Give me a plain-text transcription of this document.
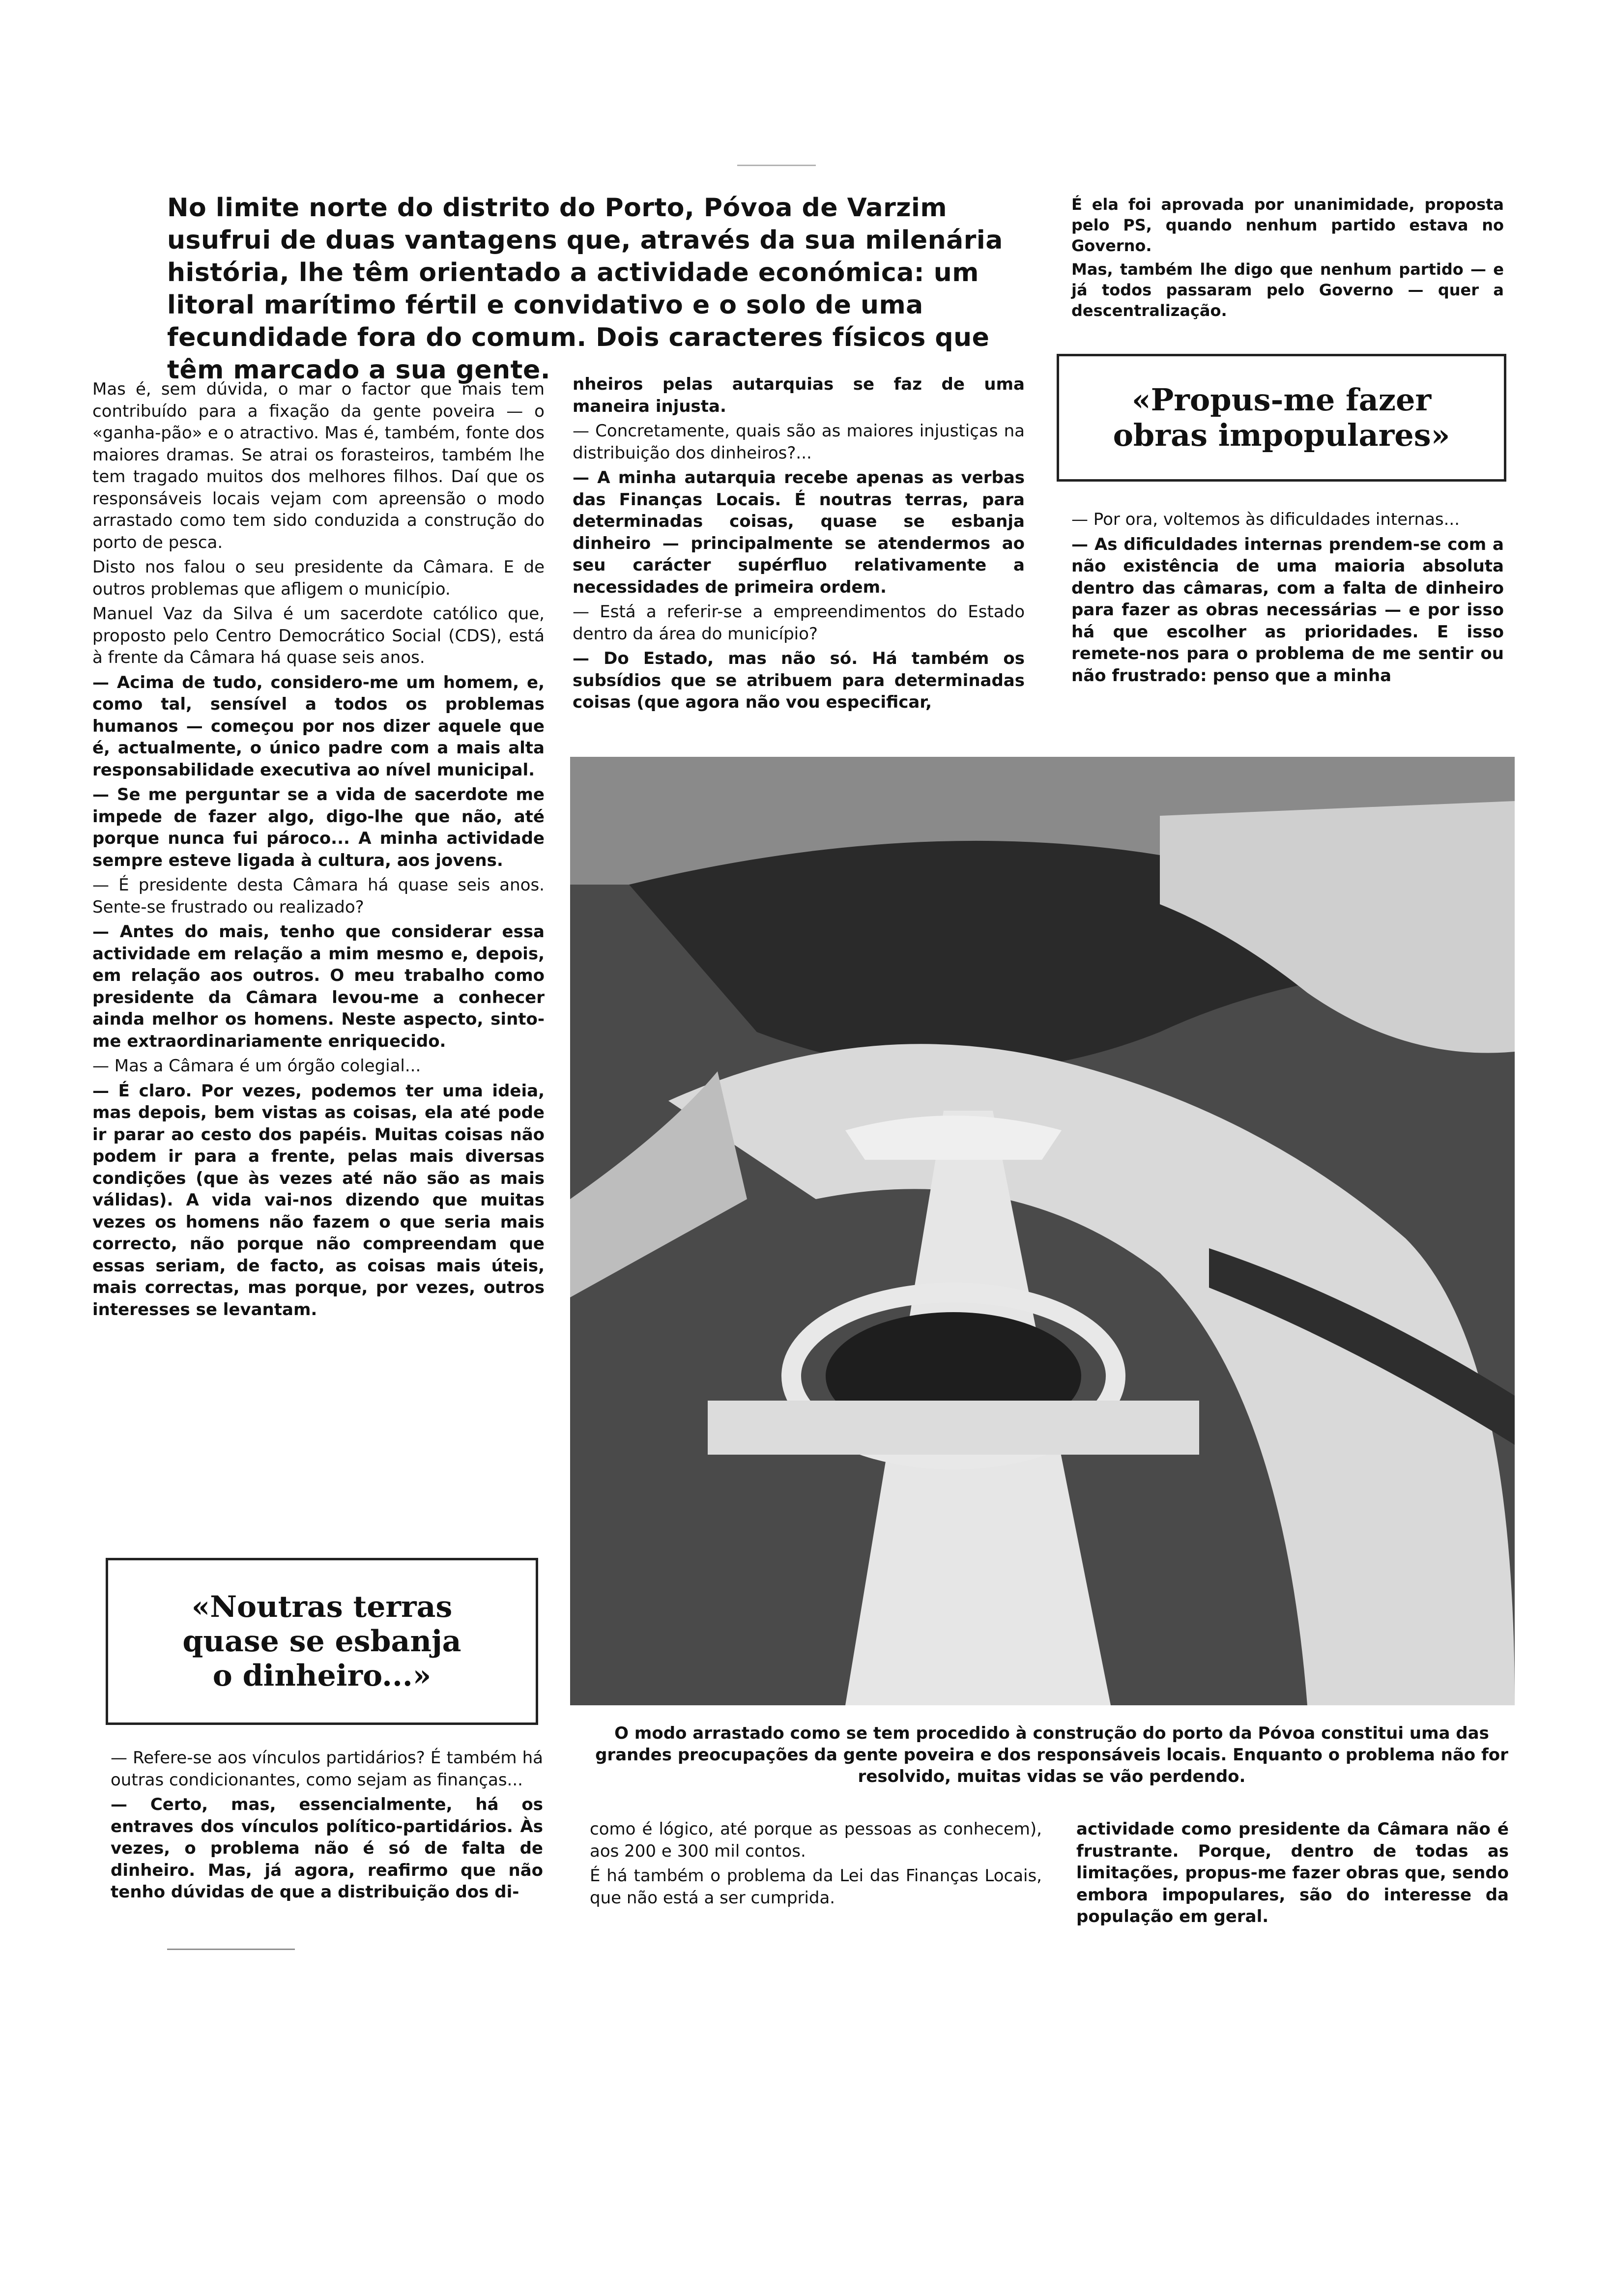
No limite norte do distrito do Porto, Póvoa de Varzim usufrui de duas vantagens que, através da sua milenária história, lhe têm orientado a actividade económica: um litoral marítimo fértil e convidativo e o solo de uma fecundidade fora do comum. Dois caracteres físicos que têm marcado a sua gente.

É ela foi aprovada por unanimidade, proposta pelo PS, quando nenhum partido estava no Governo.

Mas, também lhe digo que nenhum partido — e já todos passaram pelo Governo — quer a descentralização.

«Propus-me fazer
obras impopulares»

Mas é, sem dúvida, o mar o factor que mais tem contribuído para a fixação da gente poveira — o «ganha-pão» e o atractivo. Mas é, também, fonte dos maiores dramas. Se atrai os forasteiros, também lhe tem tragado muitos dos melhores filhos. Daí que os responsáveis locais vejam com apreensão o modo arrastado como tem sido conduzida a construção do porto de pesca.

Disto nos falou o seu presidente da Câmara. E de outros problemas que afligem o município.

Manuel Vaz da Silva é um sacerdote católico que, proposto pelo Centro Democrático Social (CDS), está à frente da Câmara há quase seis anos.

— Acima de tudo, considero-me um homem, e, como tal, sensível a todos os problemas humanos — começou por nos dizer aquele que é, actualmente, o único padre com a mais alta responsabilidade executiva ao nível municipal.

— Se me perguntar se a vida de sacerdote me impede de fazer algo, digo-lhe que não, até porque nunca fui pároco... A minha actividade sempre esteve ligada à cultura, aos jovens.

— É presidente desta Câmara há quase seis anos. Sente-se frustrado ou realizado?

— Antes do mais, tenho que considerar essa actividade em relação a mim mesmo e, depois, em relação aos outros. O meu trabalho como presidente da Câmara levou-me a conhecer ainda melhor os homens. Neste aspecto, sinto-me extraordinariamente enriquecido.

— Mas a Câmara é um órgão colegial...

— É claro. Por vezes, podemos ter uma ideia, mas depois, bem vistas as coisas, ela até pode ir parar ao cesto dos papéis. Muitas coisas não podem ir para a frente, pelas mais diversas condições (que às vezes até não são as mais válidas). A vida vai-nos dizendo que muitas vezes os homens não fazem o que seria mais correcto, não porque não compreendam que essas seriam, de facto, as coisas mais úteis, mais correctas, mas porque, por vezes, outros interesses se levantam.

«Noutras terras
quase se esbanja
o dinheiro...»

— Refere-se aos vínculos partidários? É também há outras condicionantes, como sejam as finanças...

— Certo, mas, essencialmente, há os entraves dos vínculos político-partidários. Às vezes, o problema não é só de falta de dinheiro. Mas, já agora, reafirmo que não tenho dúvidas de que a distribuição dos di-

nheiros pelas autarquias se faz de uma maneira injusta.

— Concretamente, quais são as maiores injustiças na distribuição dos dinheiros?...

— A minha autarquia recebe apenas as verbas das Finanças Locais. É noutras terras, para determinadas coisas, quase se esbanja dinheiro — principalmente se atendermos ao seu carácter supérfluo relativamente a necessidades de primeira ordem.

— Está a referir-se a empreendimentos do Estado dentro da área do município?

— Do Estado, mas não só. Há também os subsídios que se atribuem para determinadas coisas (que agora não vou especificar,

— Por ora, voltemos às dificuldades internas...

— As dificuldades internas prendem-se com a não existência de uma maioria absoluta dentro das câmaras, com a falta de dinheiro para fazer as obras necessárias — e por isso há que escolher as prioridades. E isso remete-nos para o problema de me sentir ou não frustrado: penso que a minha

O modo arrastado como se tem procedido à construção do porto da Póvoa constitui uma das grandes preocupações da gente poveira e dos responsáveis locais. Enquanto o problema não for resolvido, muitas vidas se vão perdendo.

como é lógico, até porque as pessoas as conhecem), aos 200 e 300 mil contos.

É há também o problema da Lei das Finanças Locais, que não está a ser cumprida.

actividade como presidente da Câmara não é frustrante. Porque, dentro de todas as limitações, propus-me fazer obras que, sendo embora impopulares, são do interesse da população em geral.
